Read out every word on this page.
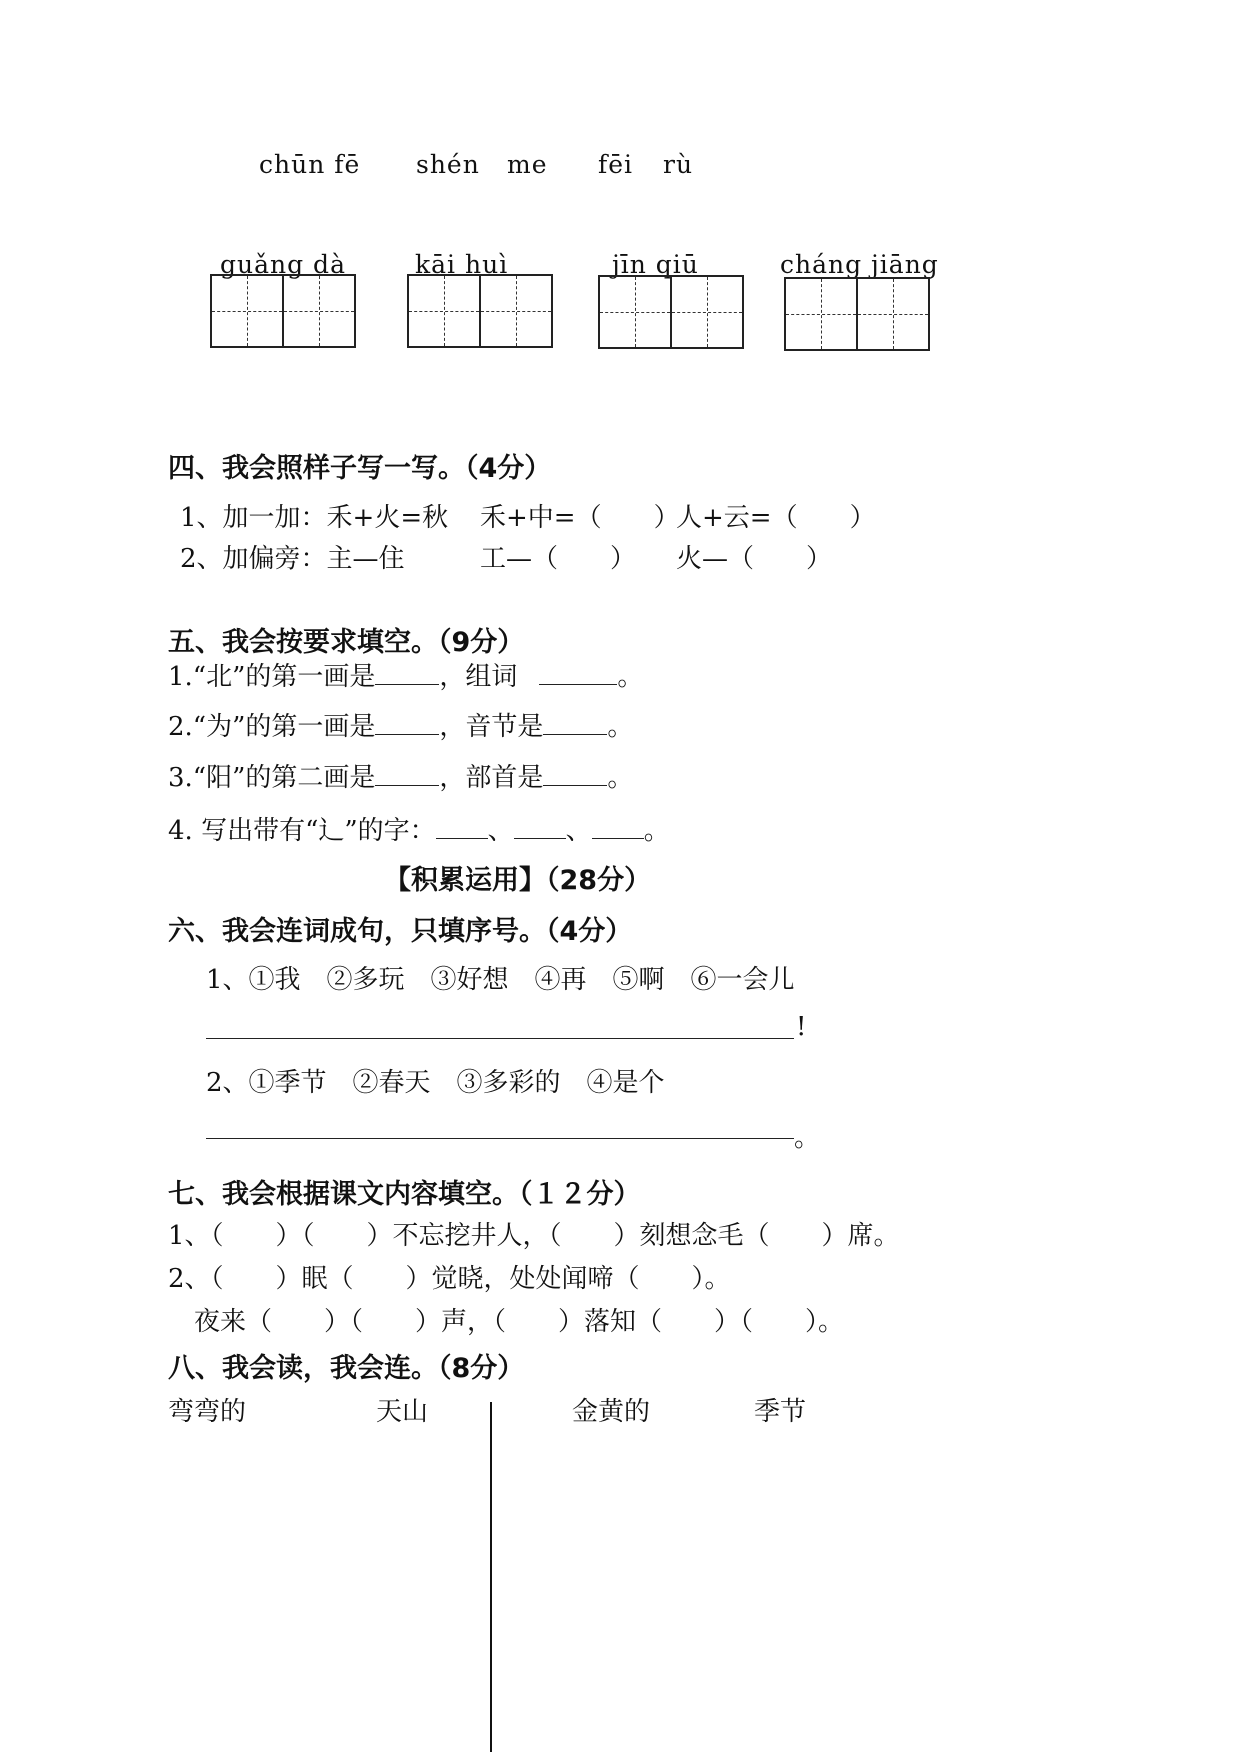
chūn fē shén me fēi rù
guǎng dà	kāi huì	jīn qiū	cháng jiāng
四、我会照样子写一写。（4分）
1、加一加：禾+火=秋 禾+中=（　　）
人+云=（　　）
2、加偏旁：主—住	工—（　　） 火—（　　）
五、我会按要求填空。（9分）
1.“北”的第一画是 ，组词	。
2.“为”的第一画是 ，音节是 。
3.“阳”的第二画是 ，部首是 。
4. 写出带有“辶”的字： 、 、 。
【积累运用】（28分）
六、我会连词成句，只填序号。（4分）
1、①我　②多玩　③好想　④再　⑤啊　⑥一会儿
!
2、①季节　②春天　③多彩的　④是个
。
七、我会根据课文内容填空。（１２分）
1、（　　）（　　）不忘挖井人，（　　）刻想念毛（　　）席。
2、（　　）眠（　　）觉晓，处处闻啼（　　）。
夜来（　　）（　　）声，（　　）落知（　　）（　　）。
八、我会读，我会连。（8分）
弯弯的	天山	金黄的	季节
